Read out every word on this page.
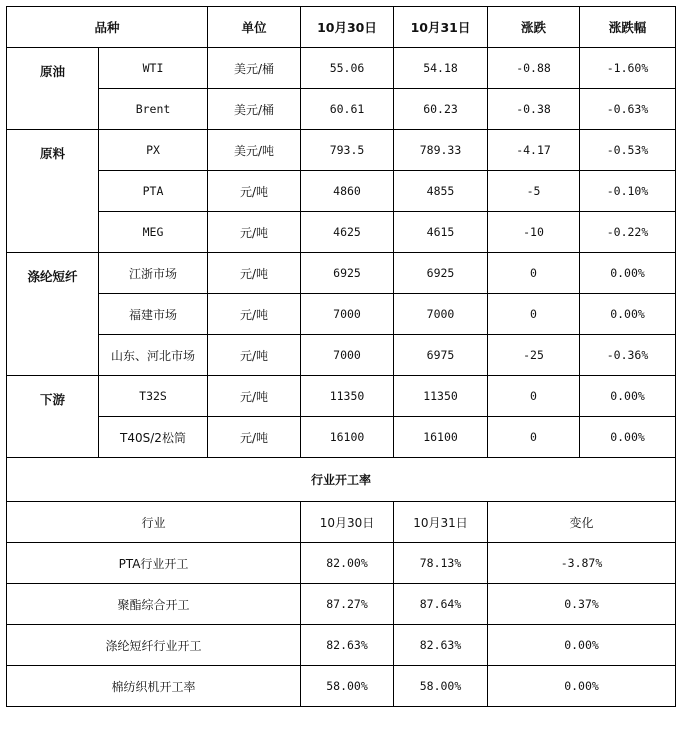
品种		单位	10月30日	10月31日	涨跌	涨跌幅
原油	WTI	美元/桶	55.06	54.18	-0.88	-1.60%
	Brent	美元/桶	60.61	60.23	-0.38	-0.63%
原料	PX	美元/吨	793.5	789.33	-4.17	-0.53%
	PTA	元/吨	4860	4855	-5	-0.10%
	MEG	元/吨	4625	4615	-10	-0.22%
涤纶短纤	江浙市场	元/吨	6925	6925	0	0.00%
	福建市场	元/吨	7000	7000	0	0.00%
	山东、河北市场	元/吨	7000	6975	-25	-0.36%
下游	T32S	元/吨	11350	11350	0	0.00%
	T40S/2松筒	元/吨	16100	16100	0	0.00%
行业开工率						
行业			10月30日	10月31日	变化	
PTA行业开工			82.00%	78.13%	-3.87%	
聚酯综合开工			87.27%	87.64%	0.37%	
涤纶短纤行业开工			82.63%	82.63%	0.00%	
棉纺织机开工率			58.00%	58.00%	0.00%	
